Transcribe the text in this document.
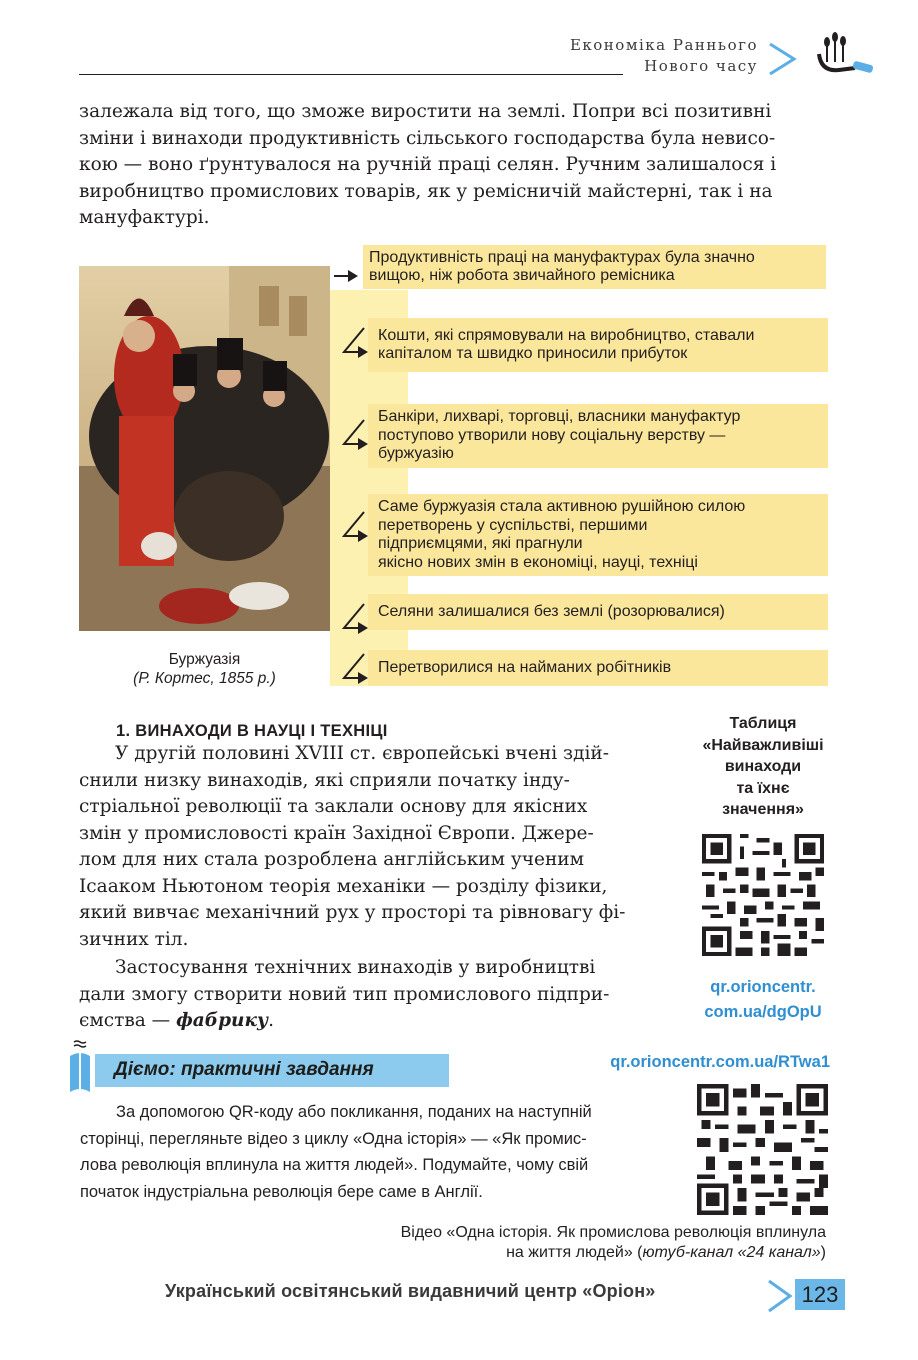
Економіка Раннього
Нового часу
залежала від того, що зможе виростити на землі. Попри всі позитивні
зміни і винаходи продуктивність сільського господарства була невисо-
кою — воно ґрунтувалося на ручній праці селян. Ручним залишалося і
виробництво промислових товарів, як у ремісничій майстерні, так і на
мануфактурі.
Буржуазія
(Р. Кортес, 1855 р.)
Продуктивність праці на мануфактурах була значно
вищою, ніж робота звичайного ремісника
Кошти, які спрямовували на виробництво, ставали
капіталом та швидко приносили прибуток
Банкіри, лихварі, торговці, власники мануфактур
поступово утворили нову соціальну верству —
буржуазію
Саме буржуазія стала активною рушійною силою
перетворень у суспільстві, першими
підприємцями, які прагнули
якісно нових змін в економіці, науці, техніці
Селяни залишалися без землі (розорювалися)
Перетворилися на найманих робітників
1. ВИНАХОДИ В НАУЦІ І ТЕХНІЦІ
У другій половині XVIII ст. європейські вчені здій-
снили низку винаходів, які сприяли початку інду-
стріальної революції та заклали основу для якісних
змін у промисловості країн Західної Європи. Джере-
лом для них стала розроблена англійським ученим
Ісааком Ньютоном теорія механіки — розділу фізики,
який вивчає механічний рух у просторі та рівновагу фі-
зичних тіл.
Застосування технічних винаходів у виробництві
дали змогу створити новий тип промислового підпри-
ємства — фабрику.
Таблиця
«Найважливіші
винаходи
та їхнє
значення»
qr.orioncentr.
com.ua/dgOpU
Діємо: практичні завдання	qr.orioncentr.com.ua/RTwa1
За допомогою QR-коду або покликання, поданих на наступній
сторінці, перегляньте відео з циклу «Одна історія» — «Як промис-
лова революція вплинула на життя людей». Подумайте, чому свій
початок індустріальна революція бере саме в Англії.
Відео «Одна історія. Як промислова революція вплинула
на життя людей» (ютуб-канал «24 канал»)
Український освітянський видавничий центр «Оріон»	123
